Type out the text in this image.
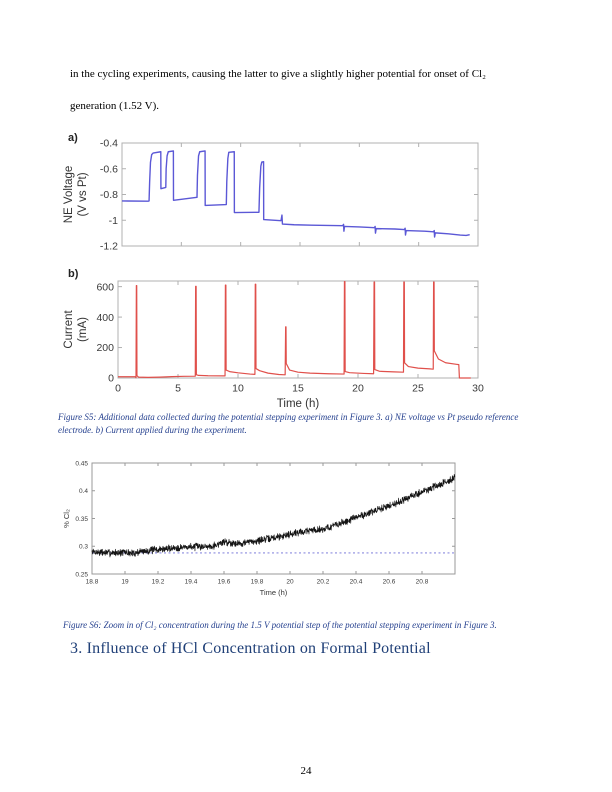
in the cycling experiments, causing the latter to give a slightly higher potential for onset of Cl₂
generation (1.52 V).
a) -0.4
-0.6
-0.8
-1
-1.2
NE Voltage (V vs Pt)
b)
0	5	10	15	20	25	30
0
200
400
600
Current (mA)
Time (h)
Figure S5: Additional data collected during the potential stepping experiment in Figure 3. a) NE voltage vs Pt pseudo reference
electrode. b) Current applied during the experiment.
18.8	19	19.2	19.4	19.6	19.8	20	20.2	20.4	20.6	20.8
0.25
0.3
0.35
0.4
0.45
% Cl₂
Time (h)
Figure S6: Zoom in of Cl₂ concentration during the 1.5 V potential step of the potential stepping experiment in Figure 3.
3. Influence of HCl Concentration on Formal Potential
24
